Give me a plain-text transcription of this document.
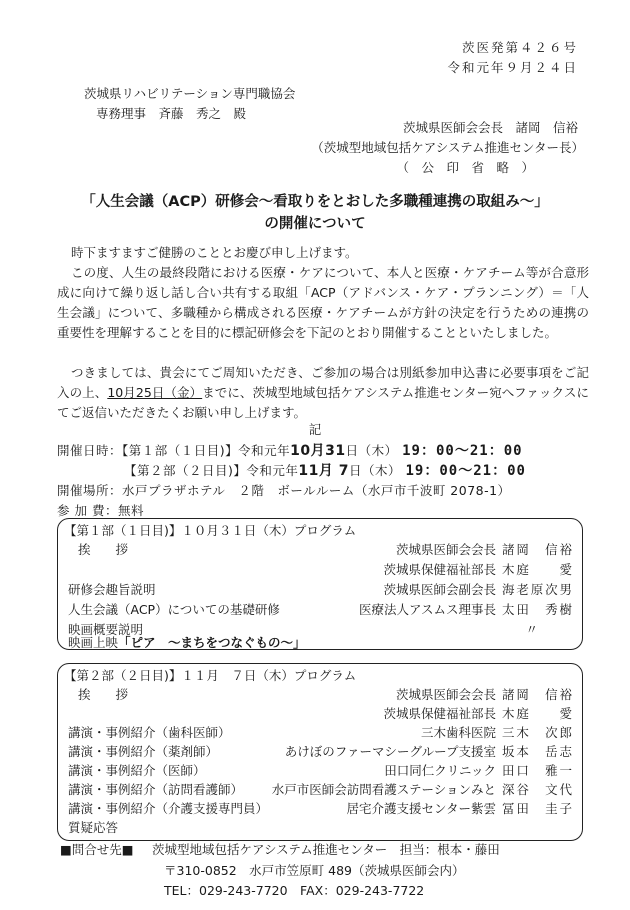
茨医発第４２６号
令和元年９月２４日
茨城県リハビリテーション専門職協会
専務理事　斉藤　秀之　殿
茨城県医師会会長　諸岡　信裕
（茨城型地域包括ケアシステム推進センター長）
（　公　印　省　略　）
「人生会議（ACP）研修会〜看取りをとおした多職種連携の取組み〜」
の開催について
時下ますますご健勝のこととお慶び申し上げます。
この度、人生の最終段階における医療・ケアについて、本人と医療・ケアチーム等が合意形成に向けて繰り返し話し合い共有する取組「ACP（アドバンス・ケア・プランニング）＝「人生会議」について、多職種から構成される医療・ケアチームが方針の決定を行うための連携の重要性を理解することを目的に標記研修会を下記のとおり開催することといたしました。
つきましては、貴会にてご周知いただき、ご参加の場合は別紙参加申込書に必要事項をご記入の上、10月25日（金）までに、茨城型地域包括ケアシステム推進センター宛へファックスにてご返信いただきたくお願い申し上げます。
記
開催日時：【第１部（１日目)】令和元年10月31日（木） 19：00〜21：00
【第２部（２日目)】令和元年11月 7日（木） 19：00〜21：00
開催場所：水戸プラザホテル　２階　ボールルーム（水戸市千波町 2078-1）
参 加 費：無料
【第１部（１日目)】１０月３１日（木）プログラム
挨　　拶	茨城県医師会会長 諸岡　信裕
茨城県保健福祉部長 木庭　　愛
研修会趣旨説明	茨城県医師会副会長 海老原次男
人生会議（ACP）についての基礎研修	医療法人アスムス理事長 太田　秀樹
映画概要説明	〃
映画上映「ピア　〜まちをつなぐもの〜」
【第２部（２日目)】１１月　７日（木）プログラム
挨　　拶	茨城県医師会会長 諸岡　信裕
茨城県保健福祉部長 木庭　　愛
講演・事例紹介（歯科医師）	三木歯科医院 三木　次郎
講演・事例紹介（薬剤師）	あけぼのファーマシーグループ支援室 坂本　岳志
講演・事例紹介（医師）	田口同仁クリニック 田口　雅一
講演・事例紹介（訪問看護師） 水戸市医師会訪問看護ステーションみと 深谷　文代
講演・事例紹介（介護支援専門員）	居宅介護支援センター紫雲 冨田　圭子
質疑応答
■問合せ先■ 茨城型地域包括ケアシステム推進センター　担当：根本・藤田
〒310-0852　水戸市笠原町 489（茨城県医師会内）
TEL：029-243-7720　FAX：029-243-7722
